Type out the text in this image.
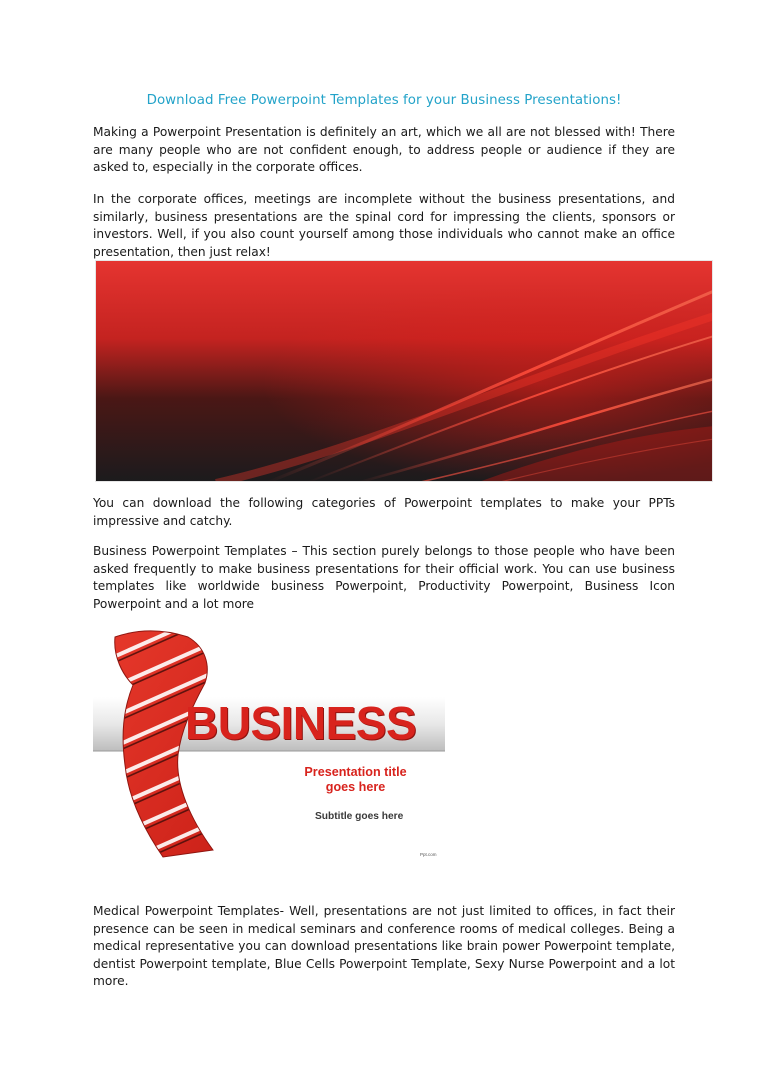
Download Free Powerpoint Templates for your Business Presentations!

Making a Powerpoint Presentation is definitely an art, which we all are not blessed with! There are many people who are not confident enough, to address people or audience if they are asked to, especially in the corporate offices.

In the corporate offices, meetings are incomplete without the business presentations, and similarly, business presentations are the spinal cord for impressing the clients, sponsors or investors. Well, if you also count yourself among those individuals who cannot make an office presentation, then just relax!

You can download the following categories of Powerpoint templates to make your PPTs impressive and catchy.

Business Powerpoint Templates – This section purely belongs to those people who have been asked frequently to make business presentations for their official work. You can use business templates like worldwide business Powerpoint, Productivity Powerpoint, Business Icon Powerpoint and a lot more

BUSINESS
Presentation title goes here
Subtitle goes here
Ppt.com

Medical Powerpoint Templates- Well, presentations are not just limited to offices, in fact their presence can be seen in medical seminars and conference rooms of medical colleges. Being a medical representative you can download presentations like brain power Powerpoint template, dentist Powerpoint template, Blue Cells Powerpoint Template, Sexy Nurse Powerpoint and a lot more.
